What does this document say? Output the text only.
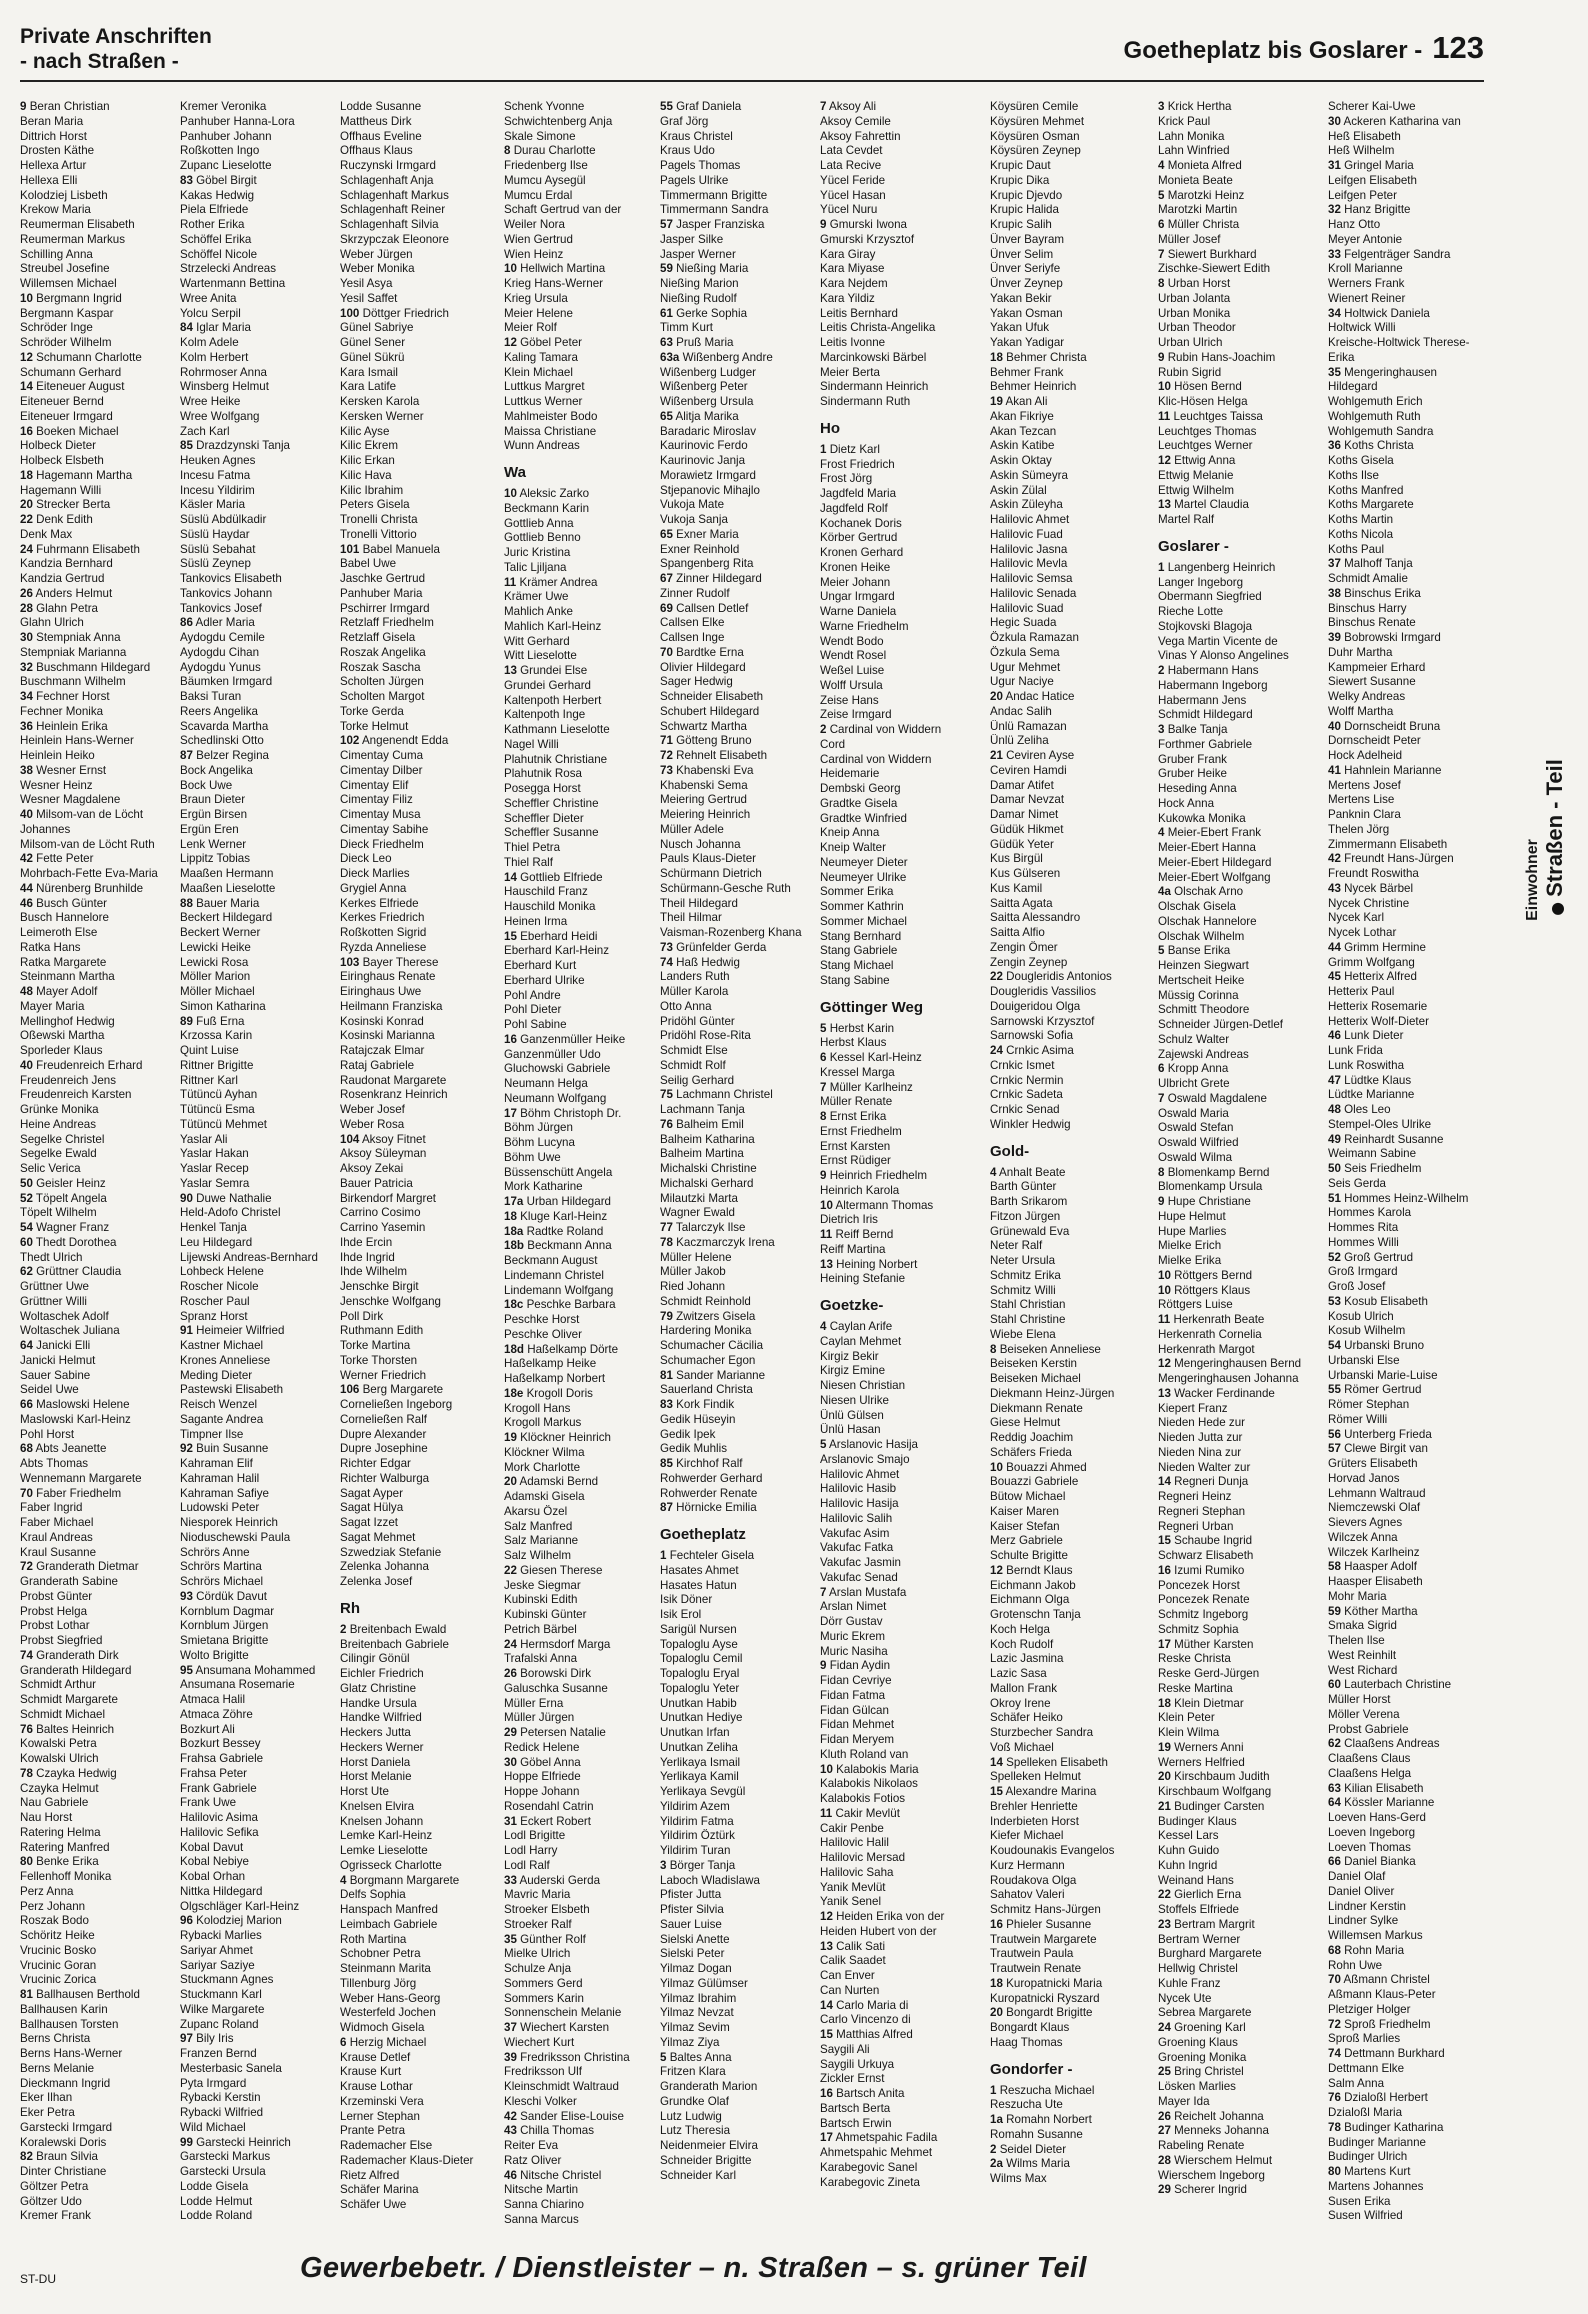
Private Anschriften
- nach Straßen -	Goetheplatz bis Goslarer - 123
9 Beran Christian
Beran Maria
Dittrich Horst
Drosten Käthe
Hellexa Artur
Hellexa Elli
Kolodziej Lisbeth
Krekow Maria
Reumerman Elisabeth
Reumerman Markus
Schilling Anna
Streubel Josefine
Willemsen Michael
10 Bergmann Ingrid
Bergmann Kaspar
Schröder Inge
Schröder Wilhelm
12 Schumann Charlotte
Schumann Gerhard
14 Eiteneuer August
Eiteneuer Bernd
Eiteneuer Irmgard
16 Boeken Michael
Holbeck Dieter
Holbeck Elsbeth
18 Hagemann Martha
Hagemann Willi
20 Strecker Berta
22 Denk Edith
Denk Max
24 Fuhrmann Elisabeth
Kandzia Bernhard
Kandzia Gertrud
26 Anders Helmut
28 Glahn Petra
Glahn Ulrich
30 Stempniak Anna
Stempniak Marianna
32 Buschmann Hildegard
Buschmann Wilhelm
34 Fechner Horst
Fechner Monika
36 Heinlein Erika
Heinlein Hans-Werner
Heinlein Heiko
38 Wesner Ernst
Wesner Heinz
Wesner Magdalene
40 Milsom-van de Löcht
Johannes
Milsom-van de Löcht Ruth
42 Fette Peter
Mohrbach-Fette Eva-Maria
44 Nürenberg Brunhilde
46 Busch Günter
Busch Hannelore
Leimeroth Else
Ratka Hans
Ratka Margarete
Steinmann Martha
48 Mayer Adolf
Mayer Maria
Mellinghof Hedwig
Oßewski Martha
Sporleder Klaus
40 Freudenreich Erhard
Freudenreich Jens
Freudenreich Karsten
Grünke Monika
Heine Andreas
Segelke Christel
Segelke Ewald
Selic Verica
50 Geisler Heinz
52 Töpelt Angela
Töpelt Wilhelm
54 Wagner Franz
60 Thedt Dorothea
Thedt Ulrich
62 Grüttner Claudia
Grüttner Uwe
Grüttner Willi
Woltaschek Adolf
Woltaschek Juliana
64 Janicki Elli
Janicki Helmut
Sauer Sabine
Seidel Uwe
66 Maslowski Helene
Maslowski Karl-Heinz
Pohl Horst
68 Abts Jeanette
Abts Thomas
Wennemann Margarete
70 Faber Friedhelm
Faber Ingrid
Faber Michael
Kraul Andreas
Kraul Susanne
72 Granderath Dietmar
Granderath Sabine
Probst Günter
Probst Helga
Probst Lothar
Probst Siegfried
74 Granderath Dirk
Granderath Hildegard
Schmidt Arthur
Schmidt Margarete
Schmidt Michael
76 Baltes Heinrich
Kowalski Petra
Kowalski Ulrich
78 Czayka Hedwig
Czayka Helmut
Nau Gabriele
Nau Horst
Ratering Helma
Ratering Manfred
80 Benke Erika
Fellenhoff Monika
Perz Anna
Perz Johann
Roszak Bodo
Schöritz Heike
Vrucinic Bosko
Vrucinic Goran
Vrucinic Zorica
81 Ballhausen Berthold
Ballhausen Karin
Ballhausen Torsten
Berns Christa
Berns Hans-Werner
Berns Melanie
Dieckmann Ingrid
Eker Ilhan
Eker Petra
Garstecki Irmgard
Koralewski Doris
82 Braun Silvia
Dinter Christiane
Göltzer Petra
Göltzer Udo
Kremer Frank
Kremer Veronika
Panhuber Hanna-Lora
Panhuber Johann
Roßkotten Ingo
Zupanc Lieselotte
83 Göbel Birgit
Kakas Hedwig
Piela Elfriede
Rother Erika
Schöffel Erika
Schöffel Nicole
Strzelecki Andreas
Wartenmann Bettina
Wree Anita
Yolcu Serpil
84 Iglar Maria
Kolm Adele
Kolm Herbert
Rohrmoser Anna
Winsberg Helmut
Wree Heike
Wree Wolfgang
Zach Karl
85 Drazdzynski Tanja
Heuken Agnes
Incesu Fatma
Incesu Yildirim
Käsler Maria
Süslü Abdülkadir
Süslü Haydar
Süslü Sebahat
Süslü Zeynep
Tankovics Elisabeth
Tankovics Johann
Tankovics Josef
86 Adler Maria
Aydogdu Cemile
Aydogdu Cihan
Aydogdu Yunus
Bäumken Irmgard
Baksi Turan
Reers Angelika
Scavarda Martha
Schedlinski Otto
87 Belzer Regina
Bock Angelika
Bock Uwe
Braun Dieter
Ergün Birsen
Ergün Eren
Lenk Werner
Lippitz Tobias
Maaßen Hermann
Maaßen Lieselotte
88 Bauer Maria
Beckert Hildegard
Beckert Werner
Lewicki Heike
Lewicki Rosa
Möller Marion
Möller Michael
Simon Katharina
89 Fuß Erna
Krzossa Karin
Quint Luise
Rittner Brigitte
Rittner Karl
Tütüncü Ayhan
Tütüncü Esma
Tütüncü Mehmet
Yaslar Ali
Yaslar Hakan
Yaslar Recep
Yaslar Semra
90 Duwe Nathalie
Held-Adofo Christel
Henkel Tanja
Leu Hildegard
Lijewski Andreas-Bernhard
Lohbeck Helene
Roscher Nicole
Roscher Paul
Spranz Horst
91 Heimeier Wilfried
Kastner Michael
Krones Anneliese
Meding Dieter
Pastewski Elisabeth
Reisch Wenzel
Sagante Andrea
Timpner Ilse
92 Buin Susanne
Kahraman Elif
Kahraman Halil
Kahraman Safiye
Ludowski Peter
Niesporek Heinrich
Nioduschewski Paula
Schrörs Anne
Schrörs Martina
Schrörs Michael
93 Cördük Davut
Kornblum Dagmar
Kornblum Jürgen
Smietana Brigitte
Wolto Brigitte
95 Ansumana Mohammed
Ansumana Rosemarie
Atmaca Halil
Atmaca Zöhre
Bozkurt Ali
Bozkurt Bessey
Frahsa Gabriele
Frahsa Peter
Frank Gabriele
Frank Uwe
Halilovic Asima
Halilovic Sefika
Kobal Davut
Kobal Nebiye
Kobal Orhan
Nittka Hildegard
Olgschläger Karl-Heinz
96 Kolodziej Marion
Rybacki Marlies
Sariyar Ahmet
Sariyar Saziye
Stuckmann Agnes
Stuckmann Karl
Wilke Margarete
Zupanc Roland
97 Bily Iris
Franzen Bernd
Mesterbasic Sanela
Pyta Irmgard
Rybacki Kerstin
Rybacki Wilfried
Wild Michael
99 Garstecki Heinrich
Garstecki Markus
Garstecki Ursula
Lodde Gisela
Lodde Helmut
Lodde Roland
Lodde Susanne
Mattheus Dirk
Offhaus Eveline
Offhaus Klaus
Ruczynski Irmgard
Schlagenhaft Anja
Schlagenhaft Markus
Schlagenhaft Reiner
Schlagenhaft Silvia
Skrzypczak Eleonore
Weber Jürgen
Weber Monika
Yesil Asya
Yesil Saffet
100 Döttger Friedrich
Günel Sabriye
Günel Sener
Günel Sükrü
Kara Ismail
Kara Latife
Kersken Karola
Kersken Werner
Kilic Ayse
Kilic Ekrem
Kilic Erkan
Kilic Hava
Kilic Ibrahim
Peters Gisela
Tronelli Christa
Tronelli Vittorio
101 Babel Manuela
Babel Uwe
Jaschke Gertrud
Panhuber Maria
Pschirrer Irmgard
Retzlaff Friedhelm
Retzlaff Gisela
Roszak Angelika
Roszak Sascha
Scholten Jürgen
Scholten Margot
Torke Gerda
Torke Helmut
102 Angenendt Edda
Cimentay Cuma
Cimentay Dilber
Cimentay Elif
Cimentay Filiz
Cimentay Musa
Cimentay Sabihe
Dieck Friedhelm
Dieck Leo
Dieck Marlies
Grygiel Anna
Kerkes Elfriede
Kerkes Friedrich
Roßkotten Sigrid
Ryzda Anneliese
103 Bayer Therese
Eiringhaus Renate
Eiringhaus Uwe
Heilmann Franziska
Kosinski Konrad
Kosinski Marianna
Ratajczak Elmar
Rataj Gabriele
Raudonat Margarete
Rosenkranz Heinrich
Weber Josef
Weber Rosa
104 Aksoy Fitnet
Aksoy Süleyman
Aksoy Zekai
Bauer Patricia
Birkendorf Margret
Carrino Cosimo
Carrino Yasemin
Ihde Ercin
Ihde Ingrid
Ihde Wilhelm
Jenschke Birgit
Jenschke Wolfgang
Poll Dirk
Ruthmann Edith
Torke Martina
Torke Thorsten
Werner Friedrich
106 Berg Margarete
Corneließen Ingeborg
Corneließen Ralf
Dupre Alexander
Dupre Josephine
Richter Edgar
Richter Walburga
Sagat Ayper
Sagat Hülya
Sagat Izzet
Sagat Mehmet
Szwedziak Stefanie
Zelenka Johanna
Zelenka Josef
Rh
2 Breitenbach Ewald
Breitenbach Gabriele
Cilingir Gönül
Eichler Friedrich
Glatz Christine
Handke Ursula
Handke Wilfried
Heckers Jutta
Heckers Werner
Horst Daniela
Horst Melanie
Horst Ute
Knelsen Elvira
Knelsen Johann
Lemke Karl-Heinz
Lemke Lieselotte
Ogrisseck Charlotte
4 Borgmann Margarete
Delfs Sophia
Hanspach Manfred
Leimbach Gabriele
Roth Martina
Schobner Petra
Steinmann Marita
Tillenburg Jörg
Weber Hans-Georg
Westerfeld Jochen
Widmoch Gisela
6 Herzig Michael
Krause Detlef
Krause Kurt
Krause Lothar
Krzeminski Vera
Lerner Stephan
Prante Petra
Rademacher Else
Rademacher Klaus-Dieter
Rietz Alfred
Schäfer Marina
Schäfer Uwe
Schenk Yvonne
Schwichtenberg Anja
Skale Simone
8 Durau Charlotte
Friedenberg Ilse
Mumcu Aysegül
Mumcu Erdal
Schaft Gertrud van der
Weiler Nora
Wien Gertrud
Wien Heinz
10 Hellwich Martina
Krieg Hans-Werner
Krieg Ursula
Meier Helene
Meier Rolf
12 Göbel Peter
Kaling Tamara
Klein Michael
Luttkus Margret
Luttkus Werner
Mahlmeister Bodo
Maissa Christiane
Wunn Andreas
Wa
10 Aleksic Zarko
Beckmann Karin
Gottlieb Anna
Gottlieb Benno
Juric Kristina
Talic Ljiljana
11 Krämer Andrea
Krämer Uwe
Mahlich Anke
Mahlich Karl-Heinz
Witt Gerhard
Witt Lieselotte
13 Grundei Else
Grundei Gerhard
Kaltenpoth Herbert
Kaltenpoth Inge
Kathmann Lieselotte
Nagel Willi
Plahutnik Christiane
Plahutnik Rosa
Posegga Horst
Scheffler Christine
Scheffler Dieter
Scheffler Susanne
Thiel Petra
Thiel Ralf
14 Gottlieb Elfriede
Hauschild Franz
Hauschild Monika
Heinen Irma
15 Eberhard Heidi
Eberhard Karl-Heinz
Eberhard Kurt
Eberhard Ulrike
Pohl Andre
Pohl Dieter
Pohl Sabine
16 Ganzenmüller Heike
Ganzenmüller Udo
Gluchowski Gabriele
Neumann Helga
Neumann Wolfgang
17 Böhm Christoph Dr.
Böhm Jürgen
Böhm Lucyna
Böhm Uwe
Büssenschütt Angela
Mork Katharine
17a Urban Hildegard
18 Kluge Karl-Heinz
18a Radtke Roland
18b Beckmann Anna
Beckmann August
Lindemann Christel
Lindemann Wolfgang
18c Peschke Barbara
Peschke Horst
Peschke Oliver
18d Haßelkamp Dörte
Haßelkamp Heike
Haßelkamp Norbert
18e Krogoll Doris
Krogoll Hans
Krogoll Markus
19 Klöckner Heinrich
Klöckner Wilma
Mork Charlotte
20 Adamski Bernd
Adamski Gisela
Akarsu Özel
Salz Manfred
Salz Marianne
Salz Wilhelm
22 Giesen Therese
Jeske Siegmar
Kubinski Edith
Kubinski Günter
Petrich Bärbel
24 Hermsdorf Marga
Trafalski Anna
26 Borowski Dirk
Galuschka Susanne
Müller Erna
Müller Jürgen
29 Petersen Natalie
Redick Helene
30 Göbel Anna
Hoppe Elfriede
Hoppe Johann
Rosendahl Catrin
31 Eckert Robert
Lodl Brigitte
Lodl Harry
Lodl Ralf
33 Auderski Gerda
Mavric Maria
Stroeker Elsbeth
Stroeker Ralf
35 Günther Rolf
Mielke Ulrich
Schulze Anja
Sommers Gerd
Sommers Karin
Sonnenschein Melanie
37 Wiechert Karsten
Wiechert Kurt
39 Fredriksson Christina
Fredriksson Ulf
Kleinschmidt Waltraud
Kleschi Volker
42 Sander Elise-Louise
43 Chilla Thomas
Reiter Eva
Ratz Oliver
46 Nitsche Christel
Nitsche Martin
Sanna Chiarino
Sanna Marcus
55 Graf Daniela
Graf Jörg
Kraus Christel
Kraus Udo
Pagels Thomas
Pagels Ulrike
Timmermann Brigitte
Timmermann Sandra
57 Jasper Franziska
Jasper Silke
Jasper Werner
59 Nießing Maria
Nießing Marion
Nießing Rudolf
61 Gerke Sophia
Timm Kurt
63 Pruß Maria
63a Wißenberg Andre
Wißenberg Ludger
Wißenberg Peter
Wißenberg Ursula
65 Alitja Marika
Baradaric Miroslav
Kaurinovic Ferdo
Kaurinovic Janja
Morawietz Irmgard
Stjepanovic Mihajlo
Vukoja Mate
Vukoja Sanja
65 Exner Maria
Exner Reinhold
Spangenberg Rita
67 Zinner Hildegard
Zinner Rudolf
69 Callsen Detlef
Callsen Elke
Callsen Inge
70 Bardtke Erna
Olivier Hildegard
Sager Hedwig
Schneider Elisabeth
Schubert Hildegard
Schwartz Martha
71 Götteng Bruno
72 Rehnelt Elisabeth
73 Khabenski Eva
Khabenski Sema
Meiering Gertrud
Meiering Heinrich
Müller Adele
Nusch Johanna
Pauls Klaus-Dieter
Schürmann Dietrich
Schürmann-Gesche Ruth
Theil Hildegard
Theil Hilmar
Vaisman-Rozenberg Khana
73 Grünfelder Gerda
74 Haß Hedwig
Landers Ruth
Müller Karola
Otto Anna
Pridöhl Günter
Pridöhl Rose-Rita
Schmidt Else
Schmidt Rolf
Seilig Gerhard
75 Lachmann Christel
Lachmann Tanja
76 Balheim Emil
Balheim Katharina
Balheim Martina
Michalski Christine
Michalski Gerhard
Milautzki Marta
Wagner Ewald
77 Talarczyk Ilse
78 Kaczmarczyk Irena
Müller Helene
Müller Jakob
Ried Johann
Schmidt Reinhold
79 Zwitzers Gisela
Hardering Monika
Schumacher Cäcilia
Schumacher Egon
81 Sander Marianne
Sauerland Christa
83 Kork Findik
Gedik Hüseyin
Gedik Ipek
Gedik Muhlis
85 Kirchhof Ralf
Rohwerder Gerhard
Rohwerder Renate
87 Hörnicke Emilia
Goetheplatz
1 Fechteler Gisela
Hasates Ahmet
Hasates Hatun
Isik Döner
Isik Erol
Sarigül Nursen
Topaloglu Ayse
Topaloglu Cemil
Topaloglu Eryal
Topaloglu Yeter
Unutkan Habib
Unutkan Hediye
Unutkan Irfan
Unutkan Zeliha
Yerlikaya Ismail
Yerlikaya Kamil
Yerlikaya Sevgül
Yildirim Azem
Yildirim Fatma
Yildirim Öztürk
Yildirim Turan
3 Börger Tanja
Laboch Wladislawa
Pfister Jutta
Pfister Silvia
Sauer Luise
Sielski Anette
Sielski Peter
Yilmaz Dogan
Yilmaz Gülümser
Yilmaz Ibrahim
Yilmaz Nevzat
Yilmaz Sevim
Yilmaz Ziya
5 Baltes Anna
Fritzen Klara
Granderath Marion
Grundke Olaf
Lutz Ludwig
Lutz Theresia
Neidenmeier Elvira
Schneider Brigitte
Schneider Karl
7 Aksoy Ali
Aksoy Cemile
Aksoy Fahrettin
Lata Cevdet
Lata Recive
Yücel Feride
Yücel Hasan
Yücel Nuru
9 Gmurski Iwona
Gmurski Krzysztof
Kara Giray
Kara Miyase
Kara Nejdem
Kara Yildiz
Leitis Bernhard
Leitis Christa-Angelika
Leitis Ivonne
Marcinkowski Bärbel
Meier Berta
Sindermann Heinrich
Sindermann Ruth
Ho
1 Dietz Karl
Frost Friedrich
Frost Jörg
Jagdfeld Maria
Jagdfeld Rolf
Kochanek Doris
Körber Gertrud
Kronen Gerhard
Kronen Heike
Meier Johann
Ungar Irmgard
Warne Daniela
Warne Friedhelm
Wendt Bodo
Wendt Rosel
Weßel Luise
Wolff Ursula
Zeise Hans
Zeise Irmgard
2 Cardinal von Widdern
Cord
Cardinal von Widdern
Heidemarie
Dembski Georg
Gradtke Gisela
Gradtke Winfried
Kneip Anna
Kneip Walter
Neumeyer Dieter
Neumeyer Ulrike
Sommer Erika
Sommer Kathrin
Sommer Michael
Stang Bernhard
Stang Gabriele
Stang Michael
Stang Sabine
Göttinger Weg
5 Herbst Karin
Herbst Klaus
6 Kessel Karl-Heinz
Kressel Marga
7 Müller Karlheinz
Müller Renate
8 Ernst Erika
Ernst Friedhelm
Ernst Karsten
Ernst Rüdiger
9 Heinrich Friedhelm
Heinrich Karola
10 Altermann Thomas
Dietrich Iris
11 Reiff Bernd
Reiff Martina
13 Heining Norbert
Heining Stefanie
Goetzke-
4 Caylan Arife
Caylan Mehmet
Kirgiz Bekir
Kirgiz Emine
Niesen Christian
Niesen Ulrike
Ünlü Gülsen
Ünlü Hasan
5 Arslanovic Hasija
Arslanovic Smajo
Halilovic Ahmet
Halilovic Hasib
Halilovic Hasija
Halilovic Salih
Vakufac Asim
Vakufac Fatka
Vakufac Jasmin
Vakufac Senad
7 Arslan Mustafa
Arslan Nimet
Dörr Gustav
Muric Ekrem
Muric Nasiha
9 Fidan Aydin
Fidan Cevriye
Fidan Fatma
Fidan Gülcan
Fidan Mehmet
Fidan Meryem
Kluth Roland van
10 Kalabokis Maria
Kalabokis Nikolaos
Kalabokis Fotios
11 Cakir Mevlüt
Cakir Penbe
Halilovic Halil
Halilovic Mersad
Halilovic Saha
Yanik Mevlüt
Yanik Senel
12 Heiden Erika von der
Heiden Hubert von der
13 Calik Sati
Calik Saadet
Can Enver
Can Nurten
14 Carlo Maria di
Carlo Vincenzo di
15 Matthias Alfred
Saygili Ali
Saygili Urkuya
Zickler Ernst
16 Bartsch Anita
Bartsch Berta
Bartsch Erwin
17 Ahmetspahic Fadila
Ahmetspahic Mehmet
Karabegovic Sanel
Karabegovic Zineta
Köysüren Cemile
Köysüren Mehmet
Köysüren Osman
Köysüren Zeynep
Krupic Daut
Krupic Dika
Krupic Djevdo
Krupic Halida
Krupic Salih
Ünver Bayram
Ünver Selim
Ünver Seriyfe
Ünver Zeynep
Yakan Bekir
Yakan Osman
Yakan Ufuk
Yakan Yadigar
18 Behmer Christa
Behmer Frank
Behmer Heinrich
19 Akan Ali
Akan Fikriye
Akan Tezcan
Askin Katibe
Askin Oktay
Askin Sümeyra
Askin Zülal
Askin Züleyha
Halilovic Ahmet
Halilovic Fuad
Halilovic Jasna
Halilovic Mevla
Halilovic Semsa
Halilovic Senada
Halilovic Suad
Hegic Suada
Özkula Ramazan
Özkula Sema
Ugur Mehmet
Ugur Naciye
20 Andac Hatice
Andac Salih
Ünlü Ramazan
Ünlü Zeliha
21 Ceviren Ayse
Ceviren Hamdi
Damar Atifet
Damar Nevzat
Damar Nimet
Güdük Hikmet
Güdük Yeter
Kus Birgül
Kus Gülseren
Kus Kamil
Saitta Agata
Saitta Alessandro
Saitta Alfio
Zengin Ömer
Zengin Zeynep
22 Dougleridis Antonios
Dougleridis Vassilios
Douigeridou Olga
Sarnowski Krzysztof
Sarnowski Sofia
24 Crnkic Asima
Crnkic Ismet
Crnkic Nermin
Crnkic Sadeta
Crnkic Senad
Winkler Hedwig
Gold-
4 Anhalt Beate
Barth Günter
Barth Srikarom
Fitzon Jürgen
Grünewald Eva
Neter Ralf
Neter Ursula
Schmitz Erika
Schmitz Willi
Stahl Christian
Stahl Christine
Wiebe Elena
8 Beiseken Anneliese
Beiseken Kerstin
Beiseken Michael
Diekmann Heinz-Jürgen
Diekmann Renate
Giese Helmut
Reddig Joachim
Schäfers Frieda
10 Bouazzi Ahmed
Bouazzi Gabriele
Bütow Michael
Kaiser Maren
Kaiser Stefan
Merz Gabriele
Schulte Brigitte
12 Berndt Klaus
Eichmann Jakob
Eichmann Olga
Grotenschn Tanja
Koch Helga
Koch Rudolf
Lazic Jasmina
Lazic Sasa
Mallon Frank
Okroy Irene
Schäfer Heiko
Sturzbecher Sandra
Voß Michael
14 Spelleken Elisabeth
Spelleken Helmut
15 Alexandre Marina
Brehler Henriette
Inderbieten Horst
Kiefer Michael
Koudounakis Evangelos
Kurz Hermann
Roudakova Olga
Sahatov Valeri
Schmitz Hans-Jürgen
16 Phieler Susanne
Trautwein Margarete
Trautwein Paula
Trautwein Renate
18 Kuropatnicki Maria
Kuropatnicki Ryszard
20 Bongardt Brigitte
Bongardt Klaus
Haag Thomas
Gondorfer -
1 Reszucha Michael
Reszucha Ute
1a Romahn Norbert
Romahn Susanne
2 Seidel Dieter
2a Wilms Maria
Wilms Max
3 Krick Hertha
Krick Paul
Lahn Monika
Lahn Winfried
4 Monieta Alfred
Monieta Beate
5 Marotzki Heinz
Marotzki Martin
6 Müller Christa
Müller Josef
7 Siewert Burkhard
Zischke-Siewert Edith
8 Urban Horst
Urban Jolanta
Urban Monika
Urban Theodor
Urban Ulrich
9 Rubin Hans-Joachim
Rubin Sigrid
10 Hösen Bernd
Klic-Hösen Helga
11 Leuchtges Taissa
Leuchtges Thomas
Leuchtges Werner
12 Ettwig Anna
Ettwig Melanie
Ettwig Wilhelm
13 Martel Claudia
Martel Ralf
Goslarer -
1 Langenberg Heinrich
Langer Ingeborg
Obermann Siegfried
Rieche Lotte
Stojkovski Blagoja
Vega Martin Vicente de
Vinas Y Alonso Angelines
2 Habermann Hans
Habermann Ingeborg
Habermann Jens
Schmidt Hildegard
3 Balke Tanja
Forthmer Gabriele
Gruber Frank
Gruber Heike
Heseding Anna
Hock Anna
Kukowka Monika
4 Meier-Ebert Frank
Meier-Ebert Hanna
Meier-Ebert Hildegard
Meier-Ebert Wolfgang
4a Olschak Arno
Olschak Gisela
Olschak Hannelore
Olschak Wilhelm
5 Banse Erika
Heinzen Siegwart
Mertscheit Heike
Müssig Corinna
Schmitt Theodore
Schneider Jürgen-Detlef
Schulz Walter
Zajewski Andreas
6 Kropp Anna
Ulbricht Grete
7 Oswald Magdalene
Oswald Maria
Oswald Stefan
Oswald Wilfried
Oswald Wilma
8 Blomenkamp Bernd
Blomenkamp Ursula
9 Hupe Christiane
Hupe Helmut
Hupe Marlies
Mielke Erich
Mielke Erika
10 Röttgers Bernd
10 Röttgers Klaus
Röttgers Luise
11 Herkenrath Beate
Herkenrath Cornelia
Herkenrath Margot
12 Mengeringhausen Bernd
Mengeringhausen Johanna
13 Wacker Ferdinande
Kiepert Franz
Nieden Hede zur
Nieden Jutta zur
Nieden Nina zur
Nieden Walter zur
14 Regneri Dunja
Regneri Heinz
Regneri Stephan
Regneri Urban
15 Schaube Ingrid
Schwarz Elisabeth
16 Izumi Rumiko
Poncezek Horst
Poncezek Renate
Schmitz Ingeborg
Schmitz Sophia
17 Müther Karsten
Reske Christa
Reske Gerd-Jürgen
Reske Martina
18 Klein Dietmar
Klein Peter
Klein Wilma
19 Werners Anni
Werners Helfried
20 Kirschbaum Judith
Kirschbaum Wolfgang
21 Budinger Carsten
Budinger Klaus
Kessel Lars
Kuhn Guido
Kuhn Ingrid
Weinand Hans
22 Gierlich Erna
Stoffels Elfriede
23 Bertram Margrit
Bertram Werner
Burghard Margarete
Hellwig Christel
Kuhle Franz
Nycek Ute
Sebrea Margarete
24 Groening Karl
Groening Klaus
Groening Monika
25 Bring Christel
Lösken Marlies
Mayer Ida
26 Reichelt Johanna
27 Menneks Johanna
Rabeling Renate
28 Wierschem Helmut
Wierschem Ingeborg
29 Scherer Ingrid
Scherer Kai-Uwe
30 Ackeren Katharina van
Heß Elisabeth
Heß Wilhelm
31 Gringel Maria
Leifgen Elisabeth
Leifgen Peter
32 Hanz Brigitte
Hanz Otto
Meyer Antonie
33 Felgenträger Sandra
Kroll Marianne
Werners Frank
Wienert Reiner
34 Holtwick Daniela
Holtwick Willi
Kreische-Holtwick Therese-
Erika
35 Mengeringhausen
Hildegard
Wohlgemuth Erich
Wohlgemuth Ruth
Wohlgemuth Sandra
36 Koths Christa
Koths Gisela
Koths Ilse
Koths Manfred
Koths Margarete
Koths Martin
Koths Nicola
Koths Paul
37 Malhoff Tanja
Schmidt Amalie
38 Binschus Erika
Binschus Harry
Binschus Renate
39 Bobrowski Irmgard
Duhr Martha
Kampmeier Erhard
Siewert Susanne
Welky Andreas
Wolff Martha
40 Dornscheidt Bruna
Dornscheidt Peter
Hock Adelheid
41 Hahnlein Marianne
Mertens Josef
Mertens Lise
Panknin Clara
Thelen Jörg
Zimmermann Elisabeth
42 Freundt Hans-Jürgen
Freundt Roswitha
43 Nycek Bärbel
Nycek Christine
Nycek Karl
Nycek Lothar
44 Grimm Hermine
Grimm Wolfgang
45 Hetterix Alfred
Hetterix Paul
Hetterix Rosemarie
Hetterix Wolf-Dieter
46 Lunk Dieter
Lunk Frida
Lunk Roswitha
47 Lüdtke Klaus
Lüdtke Marianne
48 Oles Leo
Stempel-Oles Ulrike
49 Reinhardt Susanne
Weimann Sabine
50 Seis Friedhelm
Seis Gerda
51 Hommes Heinz-Wilhelm
Hommes Karola
Hommes Rita
Hommes Willi
52 Groß Gertrud
Groß Irmgard
Groß Josef
53 Kosub Elisabeth
Kosub Ulrich
Kosub Wilhelm
54 Urbanski Bruno
Urbanski Else
Urbanski Marie-Luise
55 Römer Gertrud
Römer Stephan
Römer Willi
56 Unterberg Frieda
57 Clewe Birgit van
Grüters Elisabeth
Horvad Janos
Lehmann Waltraud
Niemczewski Olaf
Sievers Agnes
Wilczek Anna
Wilczek Karlheinz
58 Haasper Adolf
Haasper Elisabeth
Mohr Maria
59 Köther Martha
Smaka Sigrid
Thelen Ilse
West Reinhilt
West Richard
60 Lauterbach Christine
Müller Horst
Möller Verena
Probst Gabriele
62 Claaßens Andreas
Claaßens Claus
Claaßens Helga
63 Kilian Elisabeth
64 Kössler Marianne
Loeven Hans-Gerd
Loeven Ingeborg
Loeven Thomas
66 Daniel Bianka
Daniel Olaf
Daniel Oliver
Lindner Kerstin
Lindner Sylke
Willemsen Markus
68 Rohn Maria
Rohn Uwe
70 Aßmann Christel
Aßmann Klaus-Peter
Pletziger Holger
72 Sproß Friedhelm
Sproß Marlies
74 Dettmann Burkhard
Dettmann Elke
Salm Anna
76 Dzialoßl Herbert
Dzialoßl Maria
78 Budinger Katharina
Budinger Marianne
Budinger Ulrich
80 Martens Kurt
Martens Johannes
Susen Erika
Susen Wilfried
Einwohner
Straßen - Teil
ST-DU	Gewerbebetr. / Dienstleister – n. Straßen – s. grüner Teil
